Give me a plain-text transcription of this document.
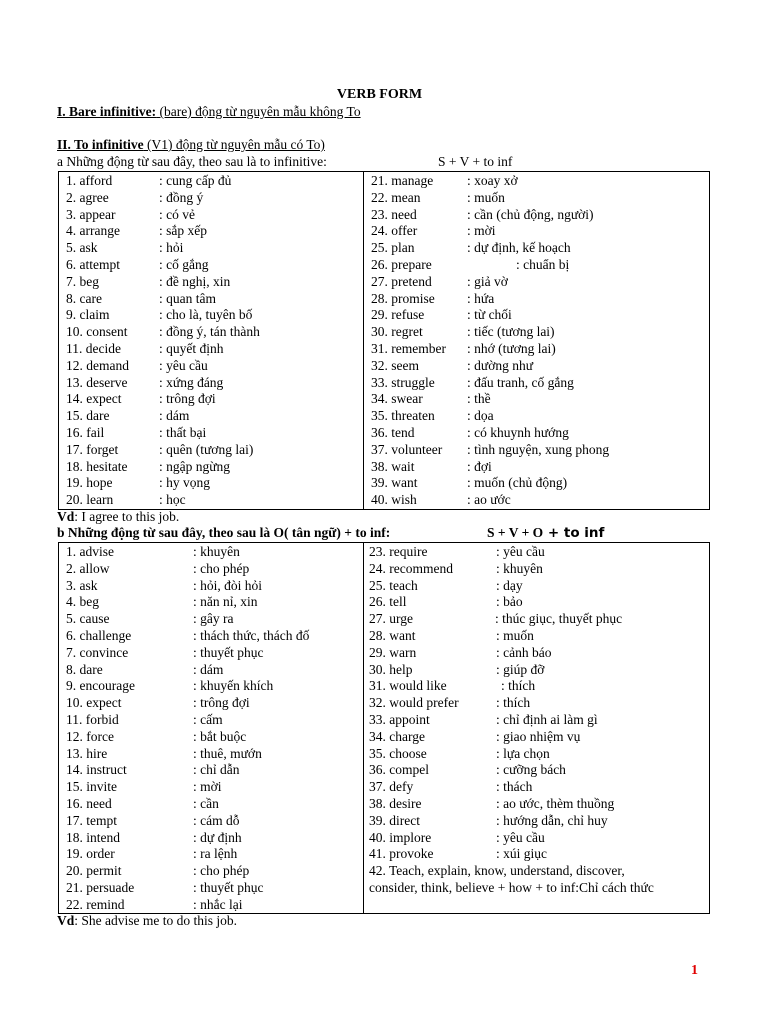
VERB FORM
I. Bare infinitive: (bare) động từ nguyên mẫu không To
II. To infinitive (V1) động từ nguyên mẫu có To)
a Những động từ sau đây, theo sau là to infinitive:	S + V + to inf
1. afford	: cung cấp đủ
2. agree	: đồng ý
3. appear	: có vẻ
4. arrange	: sắp xếp
5. ask	: hỏi
6. attempt	: cố gắng
7. beg	: đề nghị, xin
8. care	: quan tâm
9. claim	: cho là, tuyên bố
10. consent : đồng ý, tán thành
11. decide	: quyết định
12. demand : yêu cầu
13. deserve : xứng đáng
14. expect	: trông đợi
15. dare	: dám
16. fail	: thất bại
17. forget	: quên (tương lai)
18. hesitate : ngập ngừng
19. hope	: hy vọng
20. learn	: học

21. manage	: xoay xở
22. mean	: muốn
23. need	: cần (chủ động, người)
24. offer	: mời
25. plan	: dự định, kế hoạch
26. prepare	: chuẩn bị
27. pretend	: giả vờ
28. promise : hứa
29. refuse	: từ chối
30. regret	: tiếc (tương lai)
31. remember : nhớ (tương lai)
32. seem	: dường như
33. struggle : đấu tranh, cố gắng
34. swear	: thề
35. threaten : dọa
36. tend	: có khuynh hướng
37. volunteer : tình nguyện, xung phong
38. wait	: đợi
39. want	: muốn (chủ động)
40. wish	: ao ước
Vd: I agree to this job.
b Những động từ sau đây, theo sau là O( tân ngữ) + to inf:	S + V + O + to inf
1. advise	: khuyên
2. allow	: cho phép
3. ask	: hỏi, đòi hỏi
4. beg	: năn nỉ, xin
5. cause	: gây ra
6. challenge	: thách thức, thách đố
7. convince	: thuyết phục
8. dare	: dám
9. encourage	: khuyến khích
10. expect	: trông đợi
11. forbid	: cấm
12. force	: bắt buộc
13. hire	: thuê, mướn
14. instruct	: chỉ dẫn
15. invite	: mời
16. need	: cần
17. tempt	: cám dỗ
18. intend	: dự định
19. order	: ra lệnh
20. permit	: cho phép
21. persuade	: thuyết phục
22. remind	: nhắc lại

23. require	: yêu cầu
24. recommend	: khuyên
25. teach	: dạy
26. tell	: bảo
27. urge	: thúc giục, thuyết phục
28. want	: muốn
29. warn	: cảnh báo
30. help	: giúp đỡ
31. would like	: thích
32. would prefer	: thích
33. appoint	: chỉ định ai làm gì
34. charge	: giao nhiệm vụ
35. choose	: lựa chọn
36. compel	: cưỡng bách
37. defy	: thách
38. desire	: ao ước, thèm thuồng
39. direct	: hướng dẫn, chỉ huy
40. implore	: yêu cầu
41. provoke	: xúi giục
42. Teach, explain, know, understand, discover,
consider, think, believe + how + to inf:Chỉ cách thức
Vd: She advise me to do this job.
1
